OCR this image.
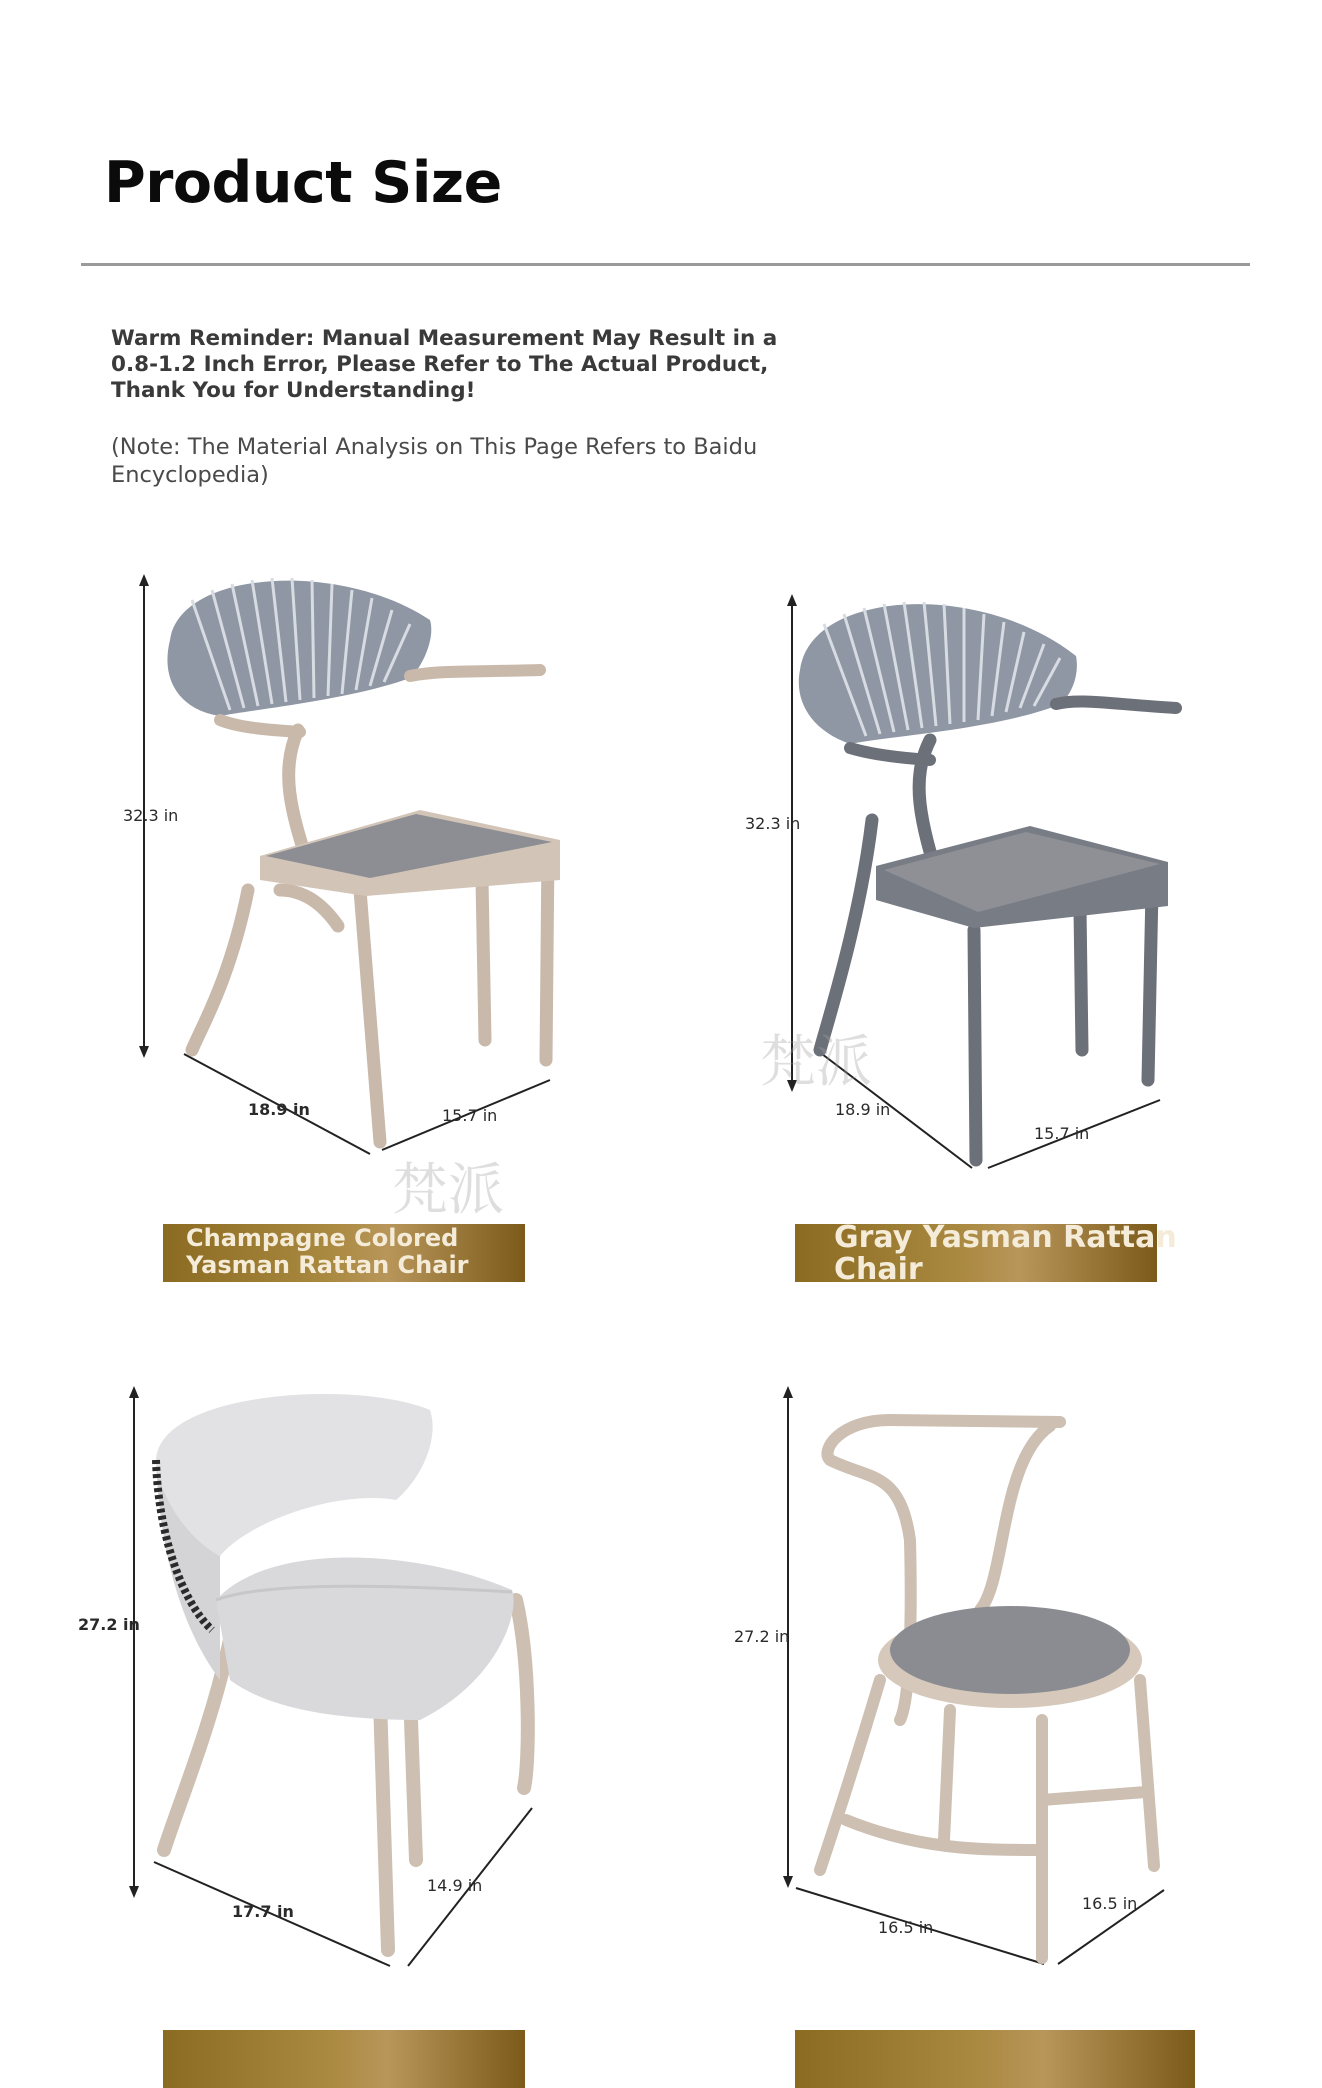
Product Size
Warm Reminder: Manual Measurement May Result in a 0.8-1.2 Inch Error, Please Refer to The Actual Product, Thank You for Understanding!
(Note: The Material Analysis on This Page Refers to Baidu Encyclopedia)
32.3 in
18.9 in	15.7 in
梵派
Champagne Colored
Yasman Rattan Chair
32.3 in
18.9 in
15.7 in
梵派
Gray Yasman Rattan
Chair
27.2 in
17.7 in
14.9 in
27.2 in
16.5 in
16.5 in
